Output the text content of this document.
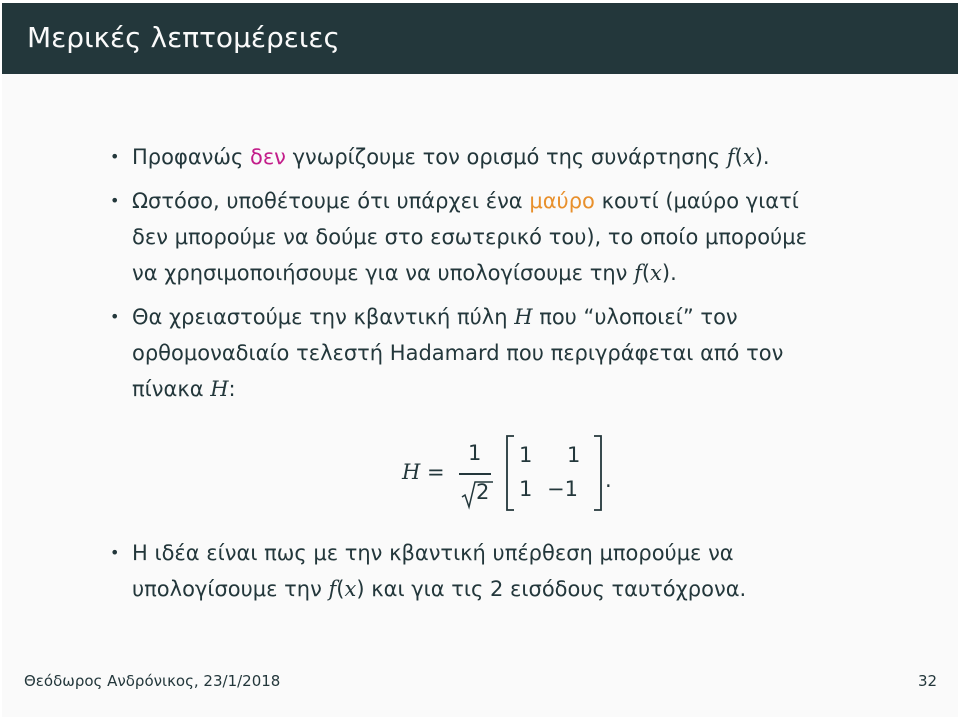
Μερικές λεπτομέρειες
• Προφανώς δεν γνωρίζουμε τον ορισμό της συνάρτησης f(x).
• Ωστόσο, υποθέτουμε ότι υπάρχει ένα μαύρο κουτί (μαύρο γιατί
δεν μπορούμε να δούμε στο εσωτερικό του), το οποίο μπορούμε
να χρησιμοποιήσουμε για να υπολογίσουμε την f(x).
• Θα χρειαστούμε την κβαντική πύλη H που “υλοποιεί” τον
ορθομοναδιαίο τελεστή Hadamard που περιγράφεται από τον
πίνακα H:
• Η ιδέα είναι πως με την κβαντική υπέρθεση μπορούμε να
υπολογίσουμε την f(x) και για τις 2 εισόδους ταυτόχρονα.
H =
1
2
1 1
1 −1 .
Θεόδωρος Ανδρόνικος, 23/1/2018	32
